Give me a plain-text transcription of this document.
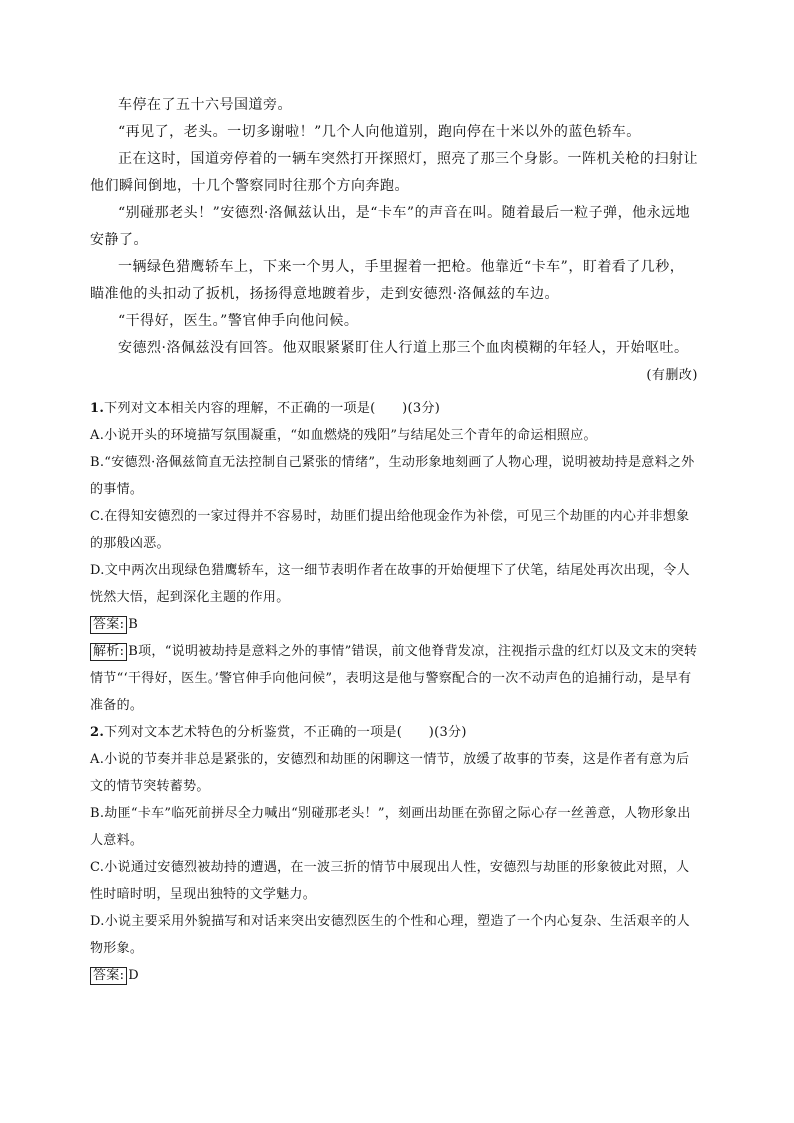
车停在了五十六号国道旁。

“再见了，老头。一切多谢啦！”几个人向他道别，跑向停在十米以外的蓝色轿车。

正在这时，国道旁停着的一辆车突然打开探照灯，照亮了那三个身影。一阵机关枪的扫射让他们瞬间倒地，十几个警察同时往那个方向奔跑。

“别碰那老头！”安德烈·洛佩兹认出，是“卡车”的声音在叫。随着最后一粒子弹，他永远地安静了。

一辆绿色猎鹰轿车上，下来一个男人，手里握着一把枪。他靠近“卡车”，盯着看了几秒，瞄准他的头扣动了扳机，扬扬得意地踱着步，走到安德烈·洛佩兹的车边。

“干得好，医生。”警官伸手向他问候。

安德烈·洛佩兹没有回答。他双眼紧紧盯住人行道上那三个血肉模糊的年轻人，开始呕吐。

(有删改)

1.下列对文本相关内容的理解，不正确的一项是(　　)(3分)

A.小说开头的环境描写氛围凝重，“如血燃烧的残阳”与结尾处三个青年的命运相照应。

B.“安德烈·洛佩兹简直无法控制自己紧张的情绪”，生动形象地刻画了人物心理，说明被劫持是意料之外的事情。

C.在得知安德烈的一家过得并不容易时，劫匪们提出给他现金作为补偿，可见三个劫匪的内心并非想象的那般凶恶。

D.文中两次出现绿色猎鹰轿车，这一细节表明作者在故事的开始便埋下了伏笔，结尾处再次出现，令人恍然大悟，起到深化主题的作用。

答案: B

解析: B项，“说明被劫持是意料之外的事情”错误，前文他脊背发凉，注视指示盘的红灯以及文末的突转情节“‘干得好，医生。’警官伸手向他问候”，表明这是他与警察配合的一次不动声色的追捕行动，是早有准备的。

2.下列对文本艺术特色的分析鉴赏，不正确的一项是(　　)(3分)

A.小说的节奏并非总是紧张的，安德烈和劫匪的闲聊这一情节，放缓了故事的节奏，这是作者有意为后文的情节突转蓄势。

B.劫匪“卡车”临死前拼尽全力喊出“别碰那老头！”，刻画出劫匪在弥留之际心存一丝善意，人物形象出人意料。

C.小说通过安德烈被劫持的遭遇，在一波三折的情节中展现出人性，安德烈与劫匪的形象彼此对照，人性时暗时明，呈现出独特的文学魅力。

D.小说主要采用外貌描写和对话来突出安德烈医生的个性和心理，塑造了一个内心复杂、生活艰辛的人物形象。

答案: D
